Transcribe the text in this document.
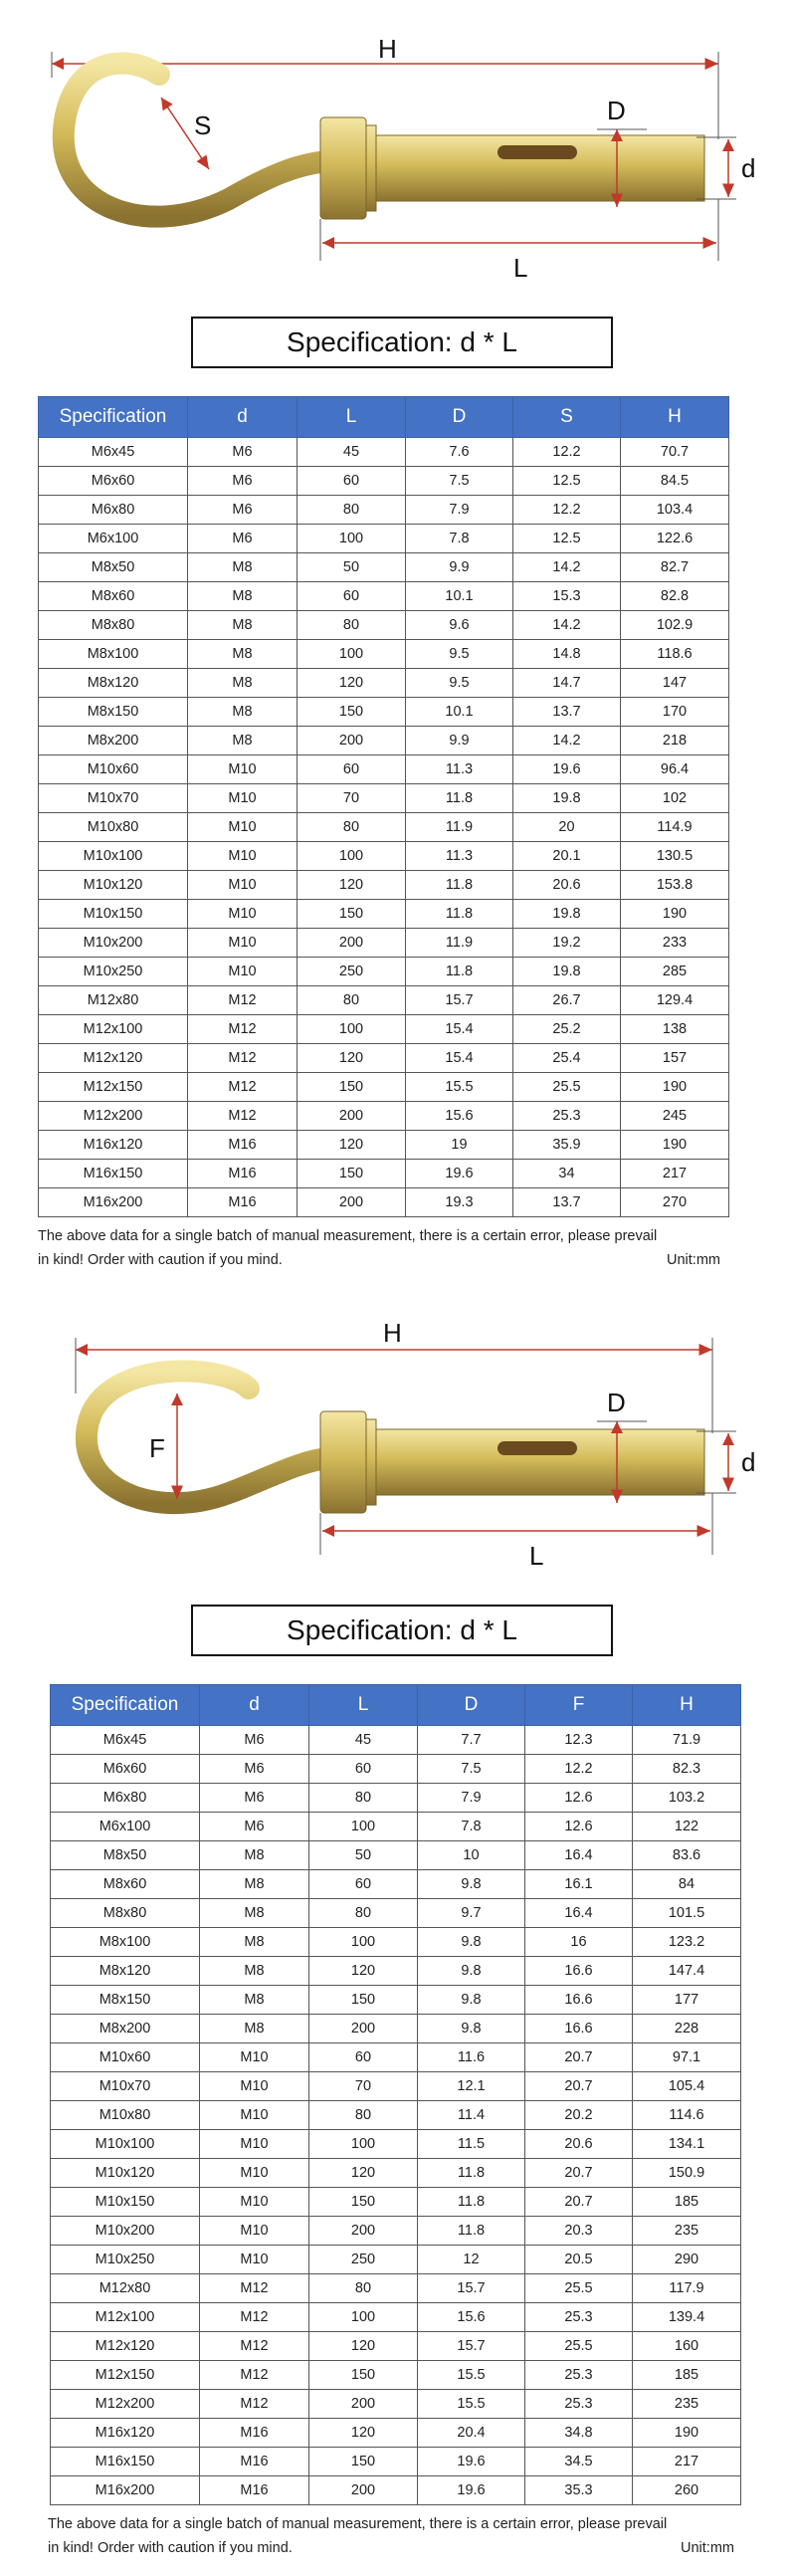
H
S	D
d
L
Specification: d * L
Specification	d	L	D	S	H
M6x45	M6	45	7.6	12.2	70.7
M6x60	M6	60	7.5	12.5	84.5
M6x80	M6	80	7.9	12.2	103.4
M6x100	M6	100	7.8	12.5	122.6
M8x50	M8	50	9.9	14.2	82.7
M8x60	M8	60	10.1	15.3	82.8
M8x80	M8	80	9.6	14.2	102.9
M8x100	M8	100	9.5	14.8	118.6
M8x120	M8	120	9.5	14.7	147
M8x150	M8	150	10.1	13.7	170
M8x200	M8	200	9.9	14.2	218
M10x60	M10	60	11.3	19.6	96.4
M10x70	M10	70	11.8	19.8	102
M10x80	M10	80	11.9	20	114.9
M10x100	M10	100	11.3	20.1	130.5
M10x120	M10	120	11.8	20.6	153.8
M10x150	M10	150	11.8	19.8	190
M10x200	M10	200	11.9	19.2	233
M10x250	M10	250	11.8	19.8	285
M12x80	M12	80	15.7	26.7	129.4
M12x100	M12	100	15.4	25.2	138
M12x120	M12	120	15.4	25.4	157
M12x150	M12	150	15.5	25.5	190
M12x200	M12	200	15.6	25.3	245
M16x120	M16	120	19	35.9	190
M16x150	M16	150	19.6	34	217
M16x200	M16	200	19.3	13.7	270
The above data for a single batch of manual measurement, there is a certain error, please prevail
in kind! Order with caution if you mind.	Unit:mm
H
F
D
d
L
Specification: d * L
Specification	d	L	D	F	H
M6x45	M6	45	7.7	12.3	71.9
M6x60	M6	60	7.5	12.2	82.3
M6x80	M6	80	7.9	12.6	103.2
M6x100	M6	100	7.8	12.6	122
M8x50	M8	50	10	16.4	83.6
M8x60	M8	60	9.8	16.1	84
M8x80	M8	80	9.7	16.4	101.5
M8x100	M8	100	9.8	16	123.2
M8x120	M8	120	9.8	16.6	147.4
M8x150	M8	150	9.8	16.6	177
M8x200	M8	200	9.8	16.6	228
M10x60	M10	60	11.6	20.7	97.1
M10x70	M10	70	12.1	20.7	105.4
M10x80	M10	80	11.4	20.2	114.6
M10x100	M10	100	11.5	20.6	134.1
M10x120	M10	120	11.8	20.7	150.9
M10x150	M10	150	11.8	20.7	185
M10x200	M10	200	11.8	20.3	235
M10x250	M10	250	12	20.5	290
M12x80	M12	80	15.7	25.5	117.9
M12x100	M12	100	15.6	25.3	139.4
M12x120	M12	120	15.7	25.5	160
M12x150	M12	150	15.5	25.3	185
M12x200	M12	200	15.5	25.3	235
M16x120	M16	120	20.4	34.8	190
M16x150	M16	150	19.6	34.5	217
M16x200	M16	200	19.6	35.3	260
The above data for a single batch of manual measurement, there is a certain error, please prevail
in kind! Order with caution if you mind.	Unit:mm
